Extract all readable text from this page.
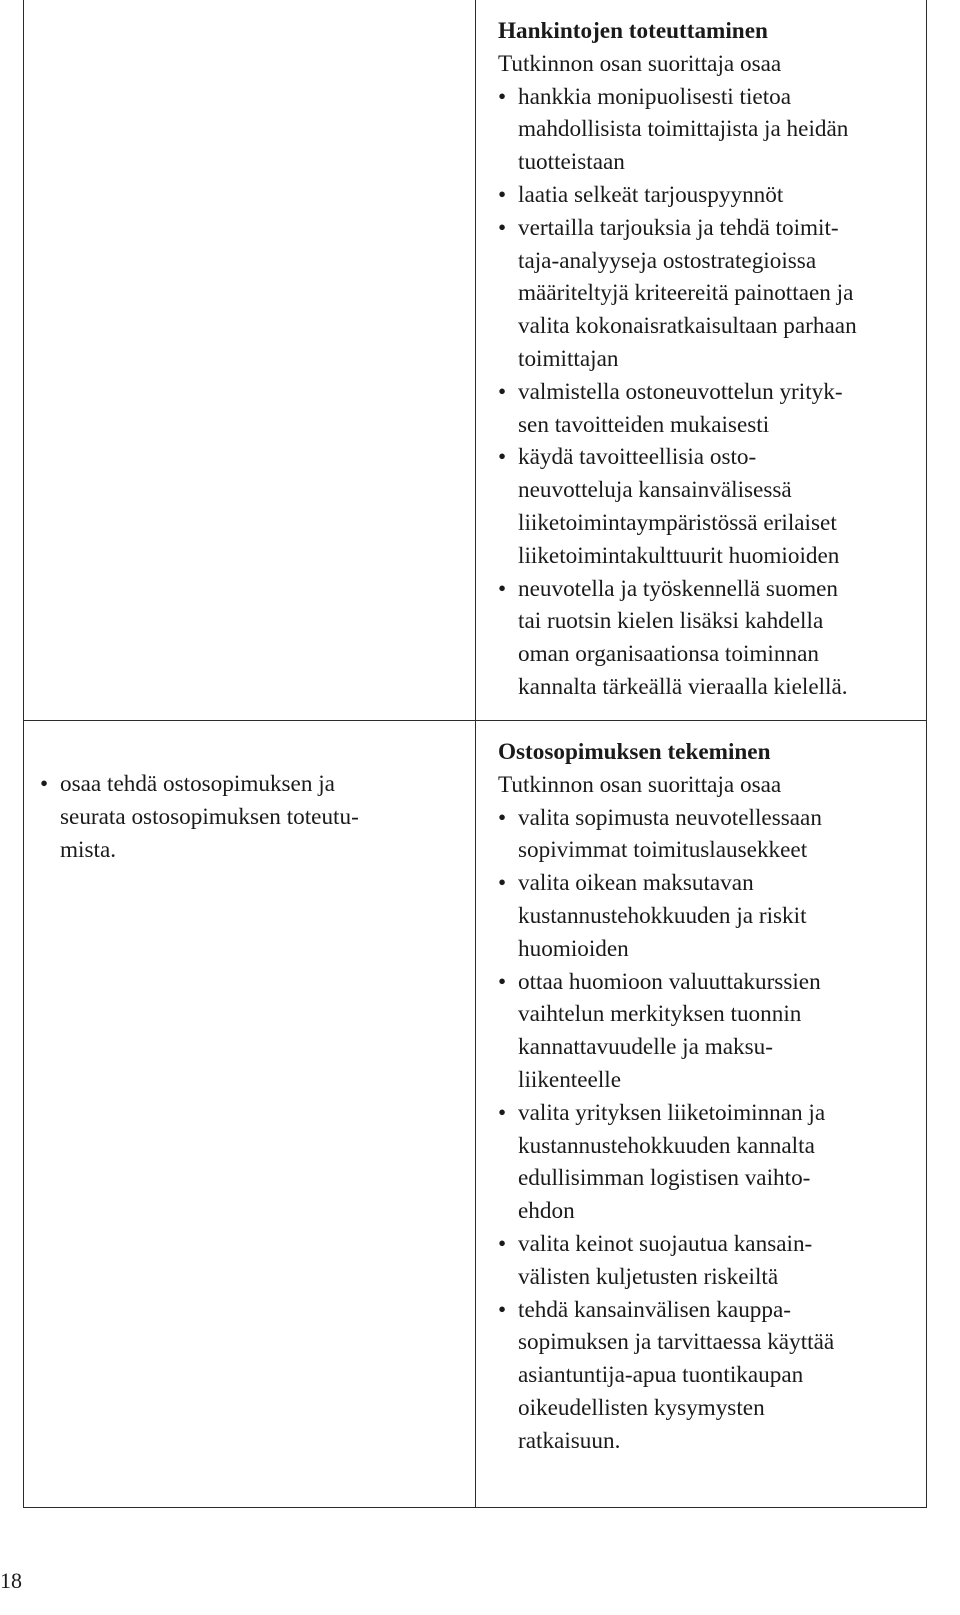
Hankintojen toteuttaminen

Tutkinnon osan suorittaja osaa

• hankkia monipuolisesti tietoa
mahdollisista toimittajista ja heidän
tuotteistaan
• laatia selkeät tarjouspyynnöt
• vertailla tarjouksia ja tehdä toimit-
taja-analyyseja ostostrategioissa
määriteltyjä kriteereitä painottaen ja
valita kokonaisratkaisultaan parhaan
toimittajan
• valmistella ostoneuvottelun yrityk-
sen tavoitteiden mukaisesti
• käydä tavoitteellisia osto-
neuvotteluja kansainvälisessä
liiketoimintaympäristössä erilaiset
liiketoimintakulttuurit huomioiden
• neuvotella ja työskennellä suomen
tai ruotsin kielen lisäksi kahdella
oman organisaationsa toiminnan
kannalta tärkeällä vieraalla kielellä.

Ostosopimuksen tekeminen

Tutkinnon osan suorittaja osaa

• valita sopimusta neuvotellessaan
sopivimmat toimituslausekkeet
• valita oikean maksutavan
kustannustehokkuuden ja riskit
huomioiden
• ottaa huomioon valuuttakurssien
vaihtelun merkityksen tuonnin
kannattavuudelle ja maksu-
liikenteelle
• valita yrityksen liiketoiminnan ja
kustannustehokkuuden kannalta
edullisimman logistisen vaihto-
ehdon
• valita keinot suojautua kansain-
välisten kuljetusten riskeiltä
• tehdä kansainvälisen kauppa-
sopimuksen ja tarvittaessa käyttää
asiantuntija-apua tuontikaupan
oikeudellisten kysymysten
ratkaisuun.
• osaa tehdä ostosopimuksen ja
seurata ostosopimuksen toteutu-
mista.
18
